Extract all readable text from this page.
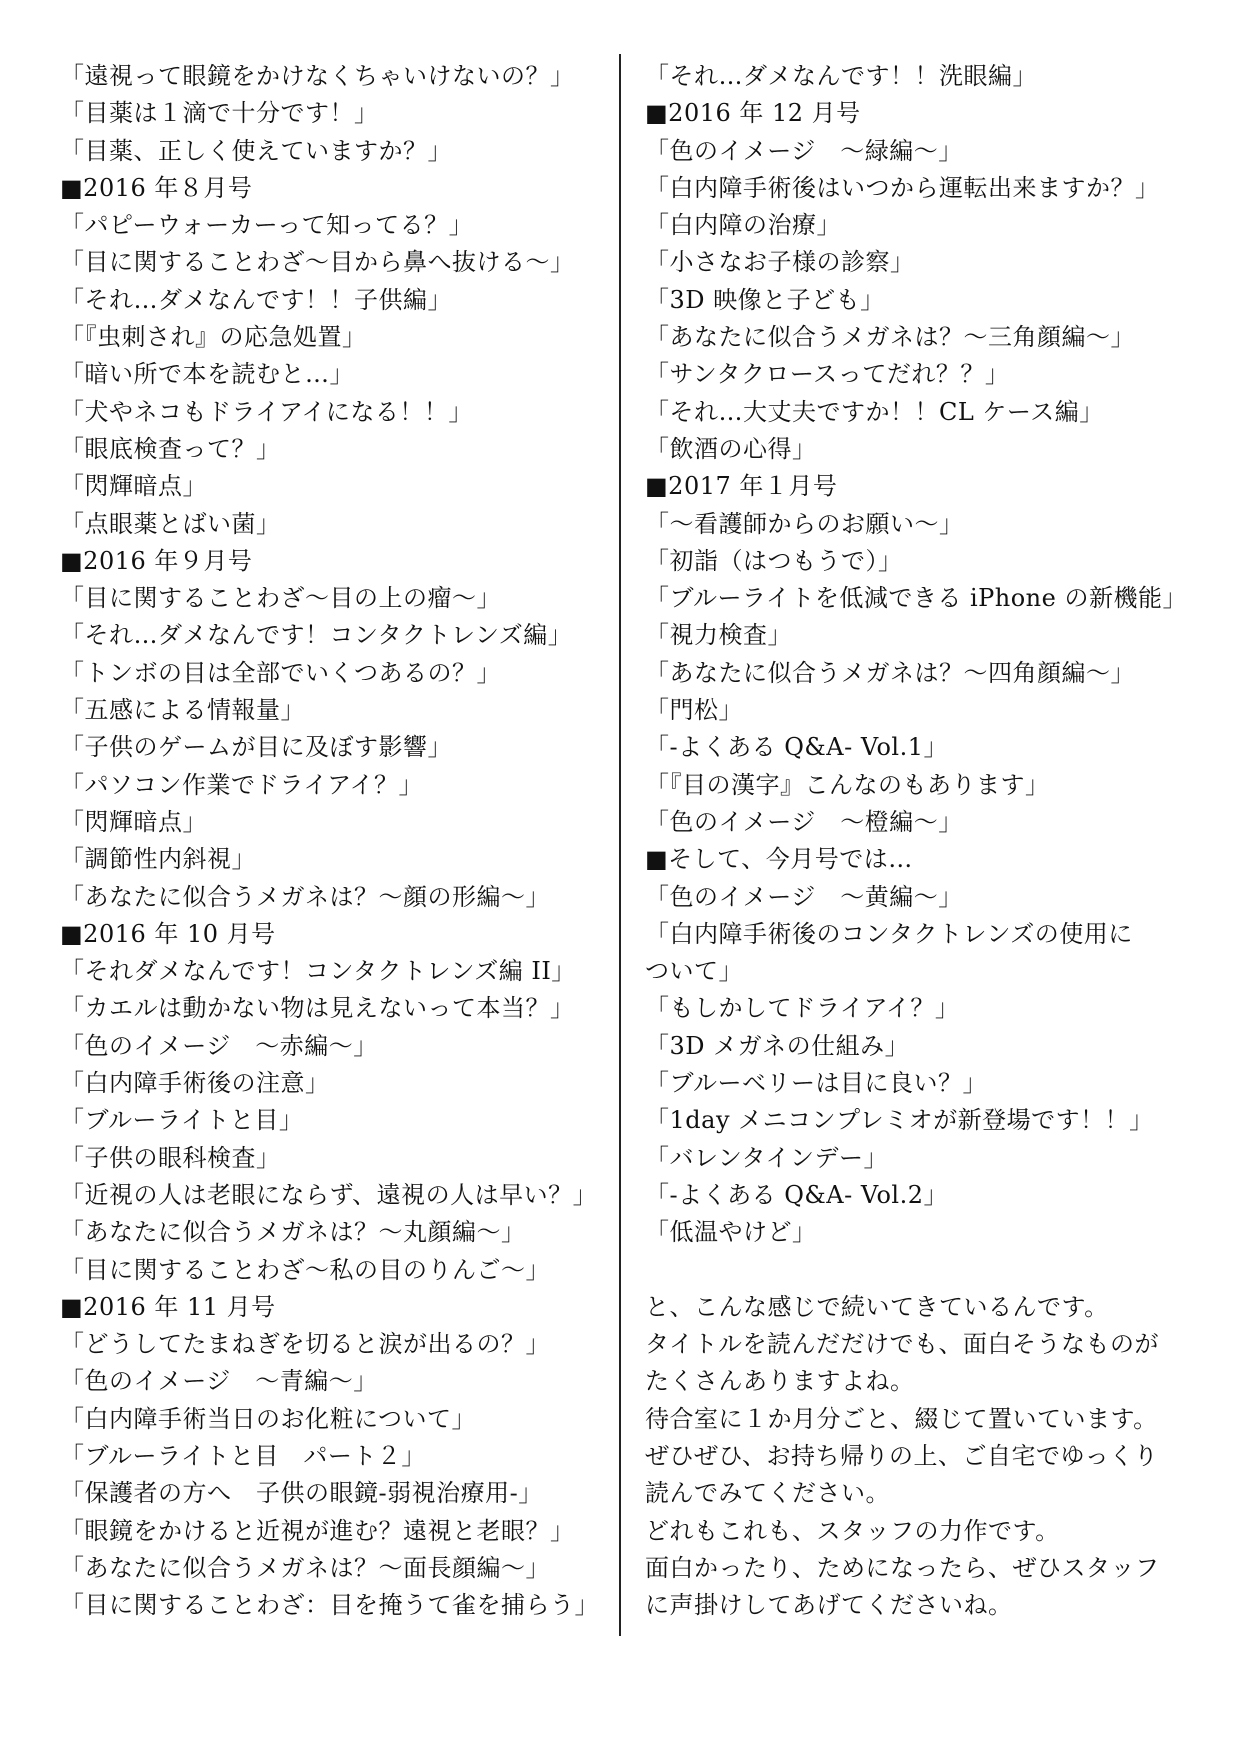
「遠視って眼鏡をかけなくちゃいけないの？」
「目薬は１滴で十分です！」
「目薬、正しく使えていますか？」
■2016 年８月号
「パピーウォーカーって知ってる？」
「目に関することわざ～目から鼻へ抜ける～」
「それ…ダメなんです！！子供編」
「『虫刺され』の応急処置」
「暗い所で本を読むと…」
「犬やネコもドライアイになる！！」
「眼底検査って？」
「閃輝暗点」
「点眼薬とばい菌」
■2016 年９月号
「目に関することわざ～目の上の瘤～」
「それ…ダメなんです！コンタクトレンズ編」
「トンボの目は全部でいくつあるの？」
「五感による情報量」
「子供のゲームが目に及ぼす影響」
「パソコン作業でドライアイ？」
「閃輝暗点」
「調節性内斜視」
「あなたに似合うメガネは？～顔の形編～」
■2016 年 10 月号
「それダメなんです！コンタクトレンズ編 II」
「カエルは動かない物は見えないって本当？」
「色のイメージ　～赤編～」
「白内障手術後の注意」
「ブルーライトと目」
「子供の眼科検査」
「近視の人は老眼にならず、遠視の人は早い？」
「あなたに似合うメガネは？～丸顔編～」
「目に関することわざ～私の目のりんご～」
■2016 年 11 月号
「どうしてたまねぎを切ると涙が出るの？」
「色のイメージ　～青編～」
「白内障手術当日のお化粧について」
「ブルーライトと目　パート２」
「保護者の方へ　子供の眼鏡-弱視治療用-」
「眼鏡をかけると近視が進む？遠視と老眼？」
「あなたに似合うメガネは？～面長顔編～」
「目に関することわざ：目を掩うて雀を捕らう」
「それ…ダメなんです！！洗眼編」
■2016 年 12 月号
「色のイメージ　～緑編～」
「白内障手術後はいつから運転出来ますか？」
「白内障の治療」
「小さなお子様の診察」
「3D 映像と子ども」
「あなたに似合うメガネは？～三角顔編～」
「サンタクロースってだれ？？」
「それ…大丈夫ですか！！CL ケース編」
「飲酒の心得」
■2017 年１月号
「～看護師からのお願い～」
「初詣（はつもうで）」
「ブルーライトを低減できる iPhone の新機能」
「視力検査」
「あなたに似合うメガネは？～四角顔編～」
「門松」
「-よくある Q&A- Vol.1」
「『目の漢字』こんなのもあります」
「色のイメージ　～橙編～」
■そして、今月号では…
「色のイメージ　～黄編～」
「白内障手術後のコンタクトレンズの使用に
ついて」
「もしかしてドライアイ？」
「3D メガネの仕組み」
「ブルーベリーは目に良い？」
「1day メニコンプレミオが新登場です！！」
「バレンタインデー」
「-よくある Q&A- Vol.2」
「低温やけど」
と、こんな感じで続いてきているんです。
タイトルを読んだだけでも、面白そうなものが
たくさんありますよね。
待合室に１か月分ごと、綴じて置いています。
ぜひぜひ、お持ち帰りの上、ご自宅でゆっくり
読んでみてください。
どれもこれも、スタッフの力作です。
面白かったり、ためになったら、ぜひスタッフ
に声掛けしてあげてくださいね。
